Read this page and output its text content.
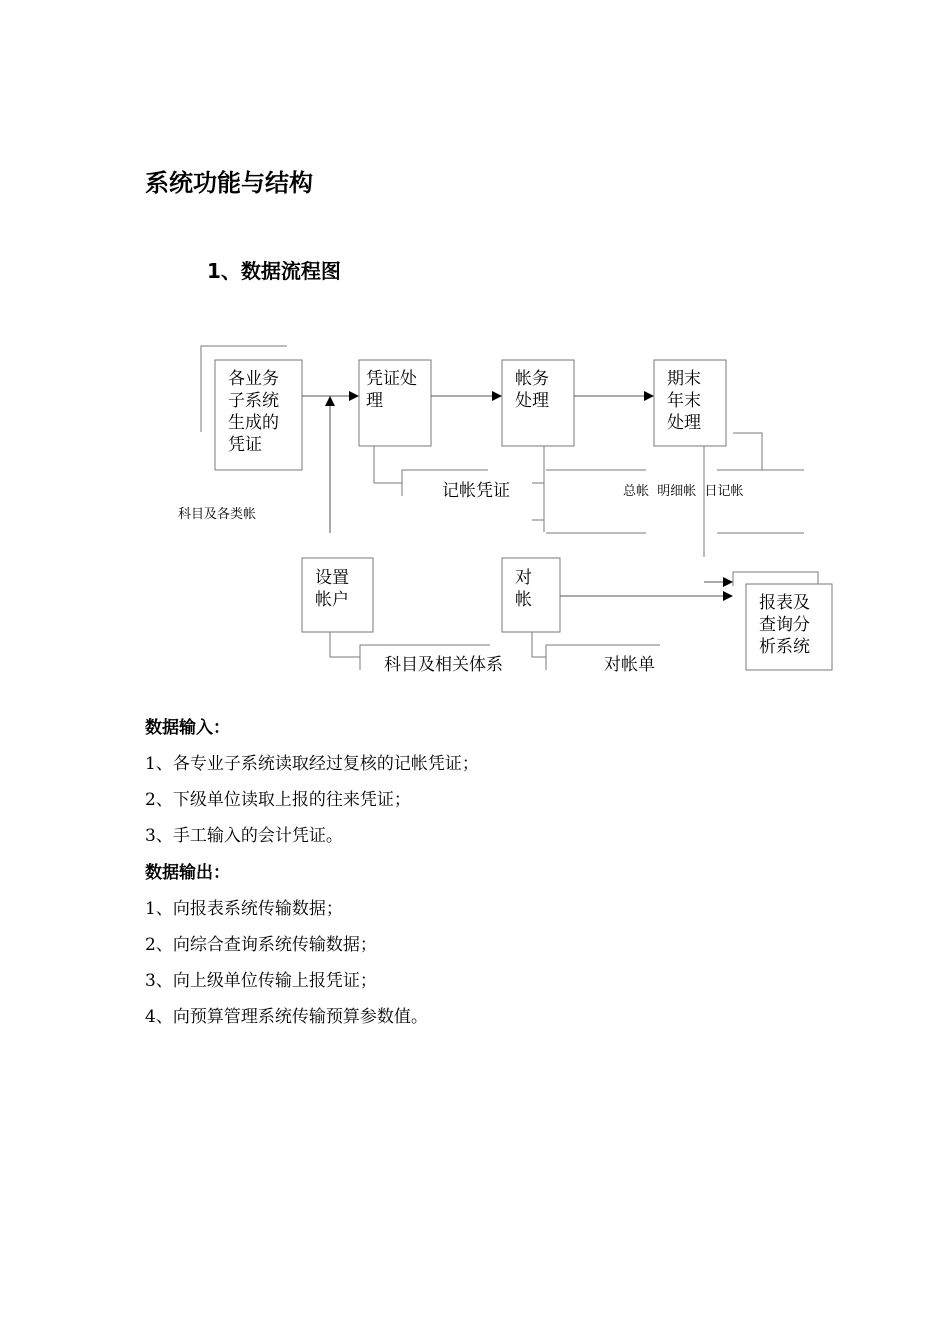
系统功能与结构
1、数据流程图
各业务 子系统 生成的 凭证
凭证处 理
帐务 处理
期末 年末 处理
设置 帐户
对 帐	报表及 查询分 析系统
记帐凭证	总帐  明细帐  日记帐
科目及各类帐
科目及相关体系	对帐单
数据输入：
1、各专业子系统读取经过复核的记帐凭证；
2、下级单位读取上报的往来凭证；
3、手工输入的会计凭证。
数据输出：
1、向报表系统传输数据；
2、向综合查询系统传输数据；
3、向上级单位传输上报凭证；
4、向预算管理系统传输预算参数值。
